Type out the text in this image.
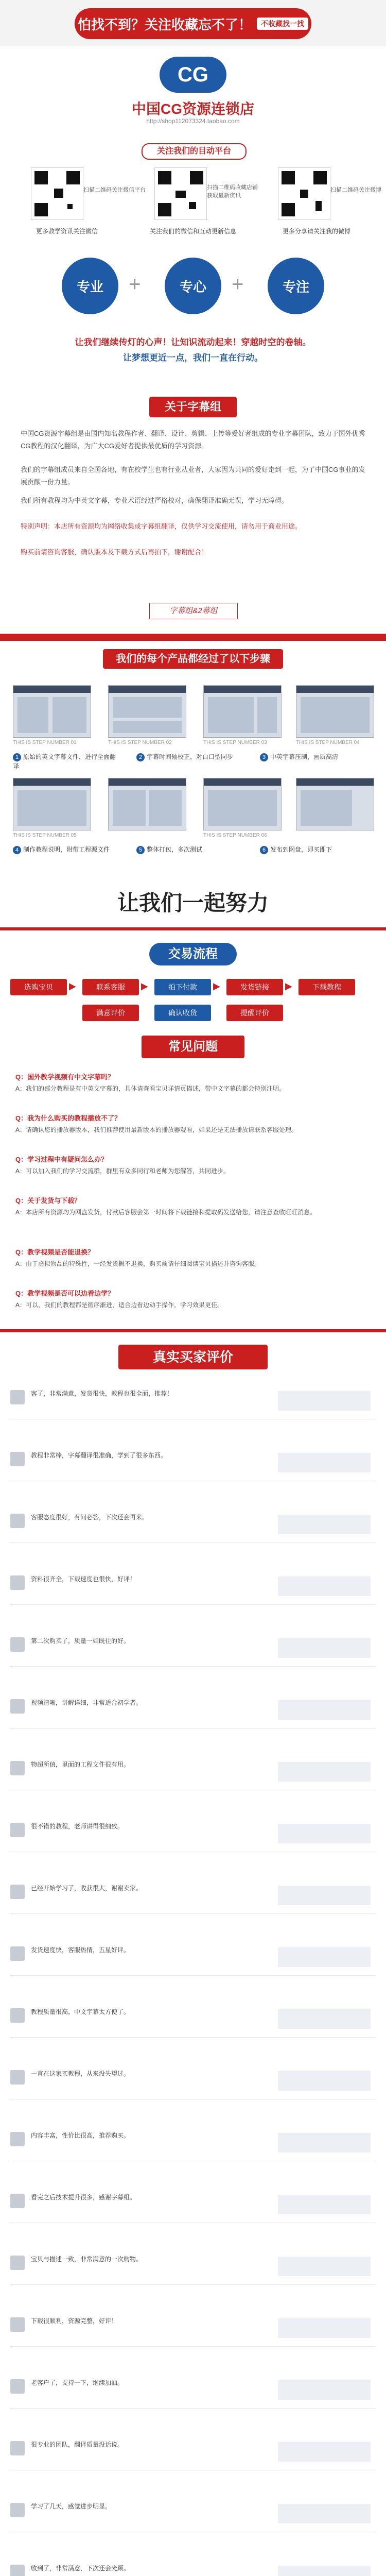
怕找不到？关注收藏忘不了！	不收藏找一找
CG
中国CG资源连锁店
http://shop112073324.taobao.com
关注我们的目动平台
扫描二维码关注微信平台
更多教学资讯关注微信
扫描二维码收藏店铺 获取最新资讯
关注我们的微信和互动更新信息
扫描二维码关注微博
更多分享请关注我的微博
专业	+	专心	+	专注
让我们继续传灯的心声！让知识流动起来！穿越时空的卷轴。
让梦想更近一点，我们一直在行动。
关于字幕组
中国CG资源字幕组是由国内知名教程作者、翻译、设计、剪辑、上传等爱好者组成的专业字幕团队，致力于国外优秀CG教程的汉化翻译，为广大CG爱好者提供最优质的学习资源。
我们的字幕组成员来自全国各地，有在校学生也有行业从业者，大家因为共同的爱好走到一起，为了中国CG事业的发展贡献一份力量。
我们所有教程均为中英文字幕，专业术语经过严格校对，确保翻译准确无误，学习无障碍。
特别声明：本店所有资源均为网络收集或字幕组翻译，仅供学习交流使用，请勿用于商业用途。
购买前请咨询客服，确认版本及下载方式后再拍下，谢谢配合！
字幕组&2幕组
我们的每个产品都经过了以下步骤
THIS IS STEP NUMBER 01	THIS IS STEP NUMBER 02	THIS IS STEP NUMBER 03	THIS IS STEP NUMBER 04
1 原始的英文字幕文件，进行全面翻译
2 字幕时间轴校正，对白口型同步	3 中英字幕压制，画质高清
THIS IS STEP NUMBER 05	THIS IS STEP NUMBER 06
4 制作教程说明，附带工程源文件	5 整体打包，多次测试	6 发布到网盘，即买即下
让我们一起努力
交易流程
选购宝贝	▶	联系客服	▶	拍下付款	▶	发货链接	▶	下载教程
满意评价	确认收货	提醒评价
常见问题
Q：国外教学视频有中文字幕吗？
A：我们的部分教程是有中英文字幕的，具体请查看宝贝详情页描述，带中文字幕的都会特别注明。
Q：我为什么购买的教程播放不了？
A：请确认您的播放器版本，我们推荐使用最新版本的播放器观看，如果还是无法播放请联系客服处理。
Q：学习过程中有疑问怎么办？
A：可以加入我们的学习交流群，群里有众多同行和老师为您解答，共同进步。
Q：关于发货与下载？
A：本店所有资源均为网盘发货，付款后客服会第一时间将下载链接和提取码发送给您，请注意查收旺旺消息。
Q：教学视频是否能退换？
A：由于虚拟物品的特殊性，一经发货概不退换，购买前请仔细阅读宝贝描述并咨询客服。
Q：教学视频是否可以边看边学？
A：可以，我们的教程都是循序渐进，适合边看边动手操作，学习效果更佳。
真实买家评价
客了，非常满意，发货很快，教程也很全面，推荐！
教程非常棒，字幕翻译很准确，学到了很多东西。
客服态度很好，有问必答，下次还会再来。
资料很齐全，下载速度也很快，好评！
第二次购买了，质量一如既往的好。
视频清晰，讲解详细，非常适合初学者。
物超所值，里面的工程文件很有用。
很不错的教程，老师讲得很细致。
已经开始学习了，收获很大，谢谢卖家。
发货速度快，客服热情，五星好评。
教程质量很高，中文字幕太方便了。
一直在这家买教程，从来没失望过。
内容丰富，性价比很高，推荐购买。
看完之后技术提升很多，感谢字幕组。
宝贝与描述一致，非常满意的一次购物。
下载很顺利，资源完整，好评！
老客户了，支持一下，继续加油。
很专业的团队，翻译质量没话说。
学习了几天，感觉进步明显。
收到了，非常满意，下次还会光顾。
